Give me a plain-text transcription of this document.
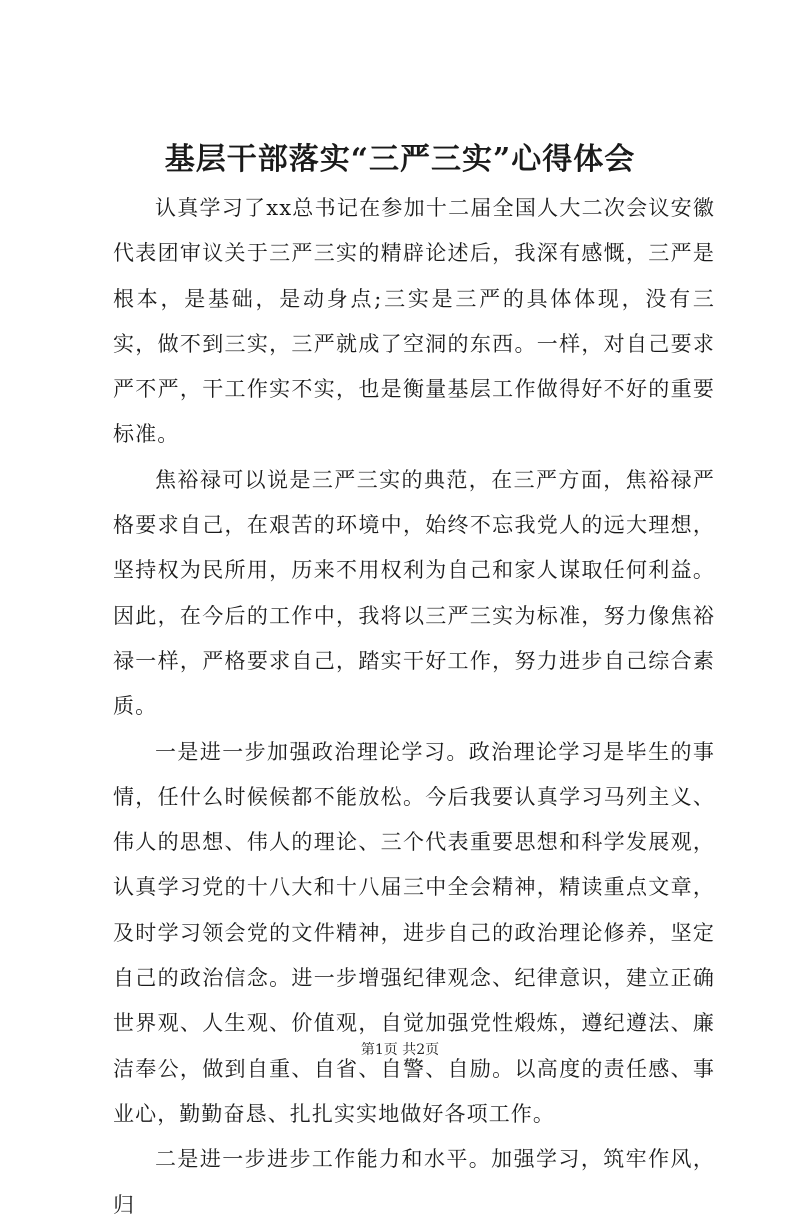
基层干部落实“三严三实”心得体会

认真学习了xx总书记在参加十二届全国人大二次会议安徽代表团审议关于三严三实的精辟论述后，我深有感慨，三严是根本，是基础，是动身点;三实是三严的具体体现，没有三实，做不到三实，三严就成了空洞的东西。一样，对自己要求严不严，干工作实不实，也是衡量基层工作做得好不好的重要标准。

焦裕禄可以说是三严三实的典范，在三严方面，焦裕禄严格要求自己，在艰苦的环境中，始终不忘我党人的远大理想，坚持权为民所用，历来不用权利为自己和家人谋取任何利益。因此，在今后的工作中，我将以三严三实为标准，努力像焦裕禄一样，严格要求自己，踏实干好工作，努力进步自己综合素质。

一是进一步加强政治理论学习。政治理论学习是毕生的事情，任什么时候候都不能放松。今后我要认真学习马列主义、伟人的思想、伟人的理论、三个代表重要思想和科学发展观，认真学习党的十八大和十八届三中全会精神，精读重点文章，及时学习领会党的文件精神，进步自己的政治理论修养，坚定自己的政治信念。进一步增强纪律观念、纪律意识，建立正确世界观、人生观、价值观，自觉加强党性煅炼，遵纪遵法、廉洁奉公，做到自重、自省、自警、自励。以高度的责任感、事业心，勤勤奋恳、扎扎实实地做好各项工作。

二是进一步进步工作能力和水平。加强学习，筑牢作风，归

第1页 共2页
